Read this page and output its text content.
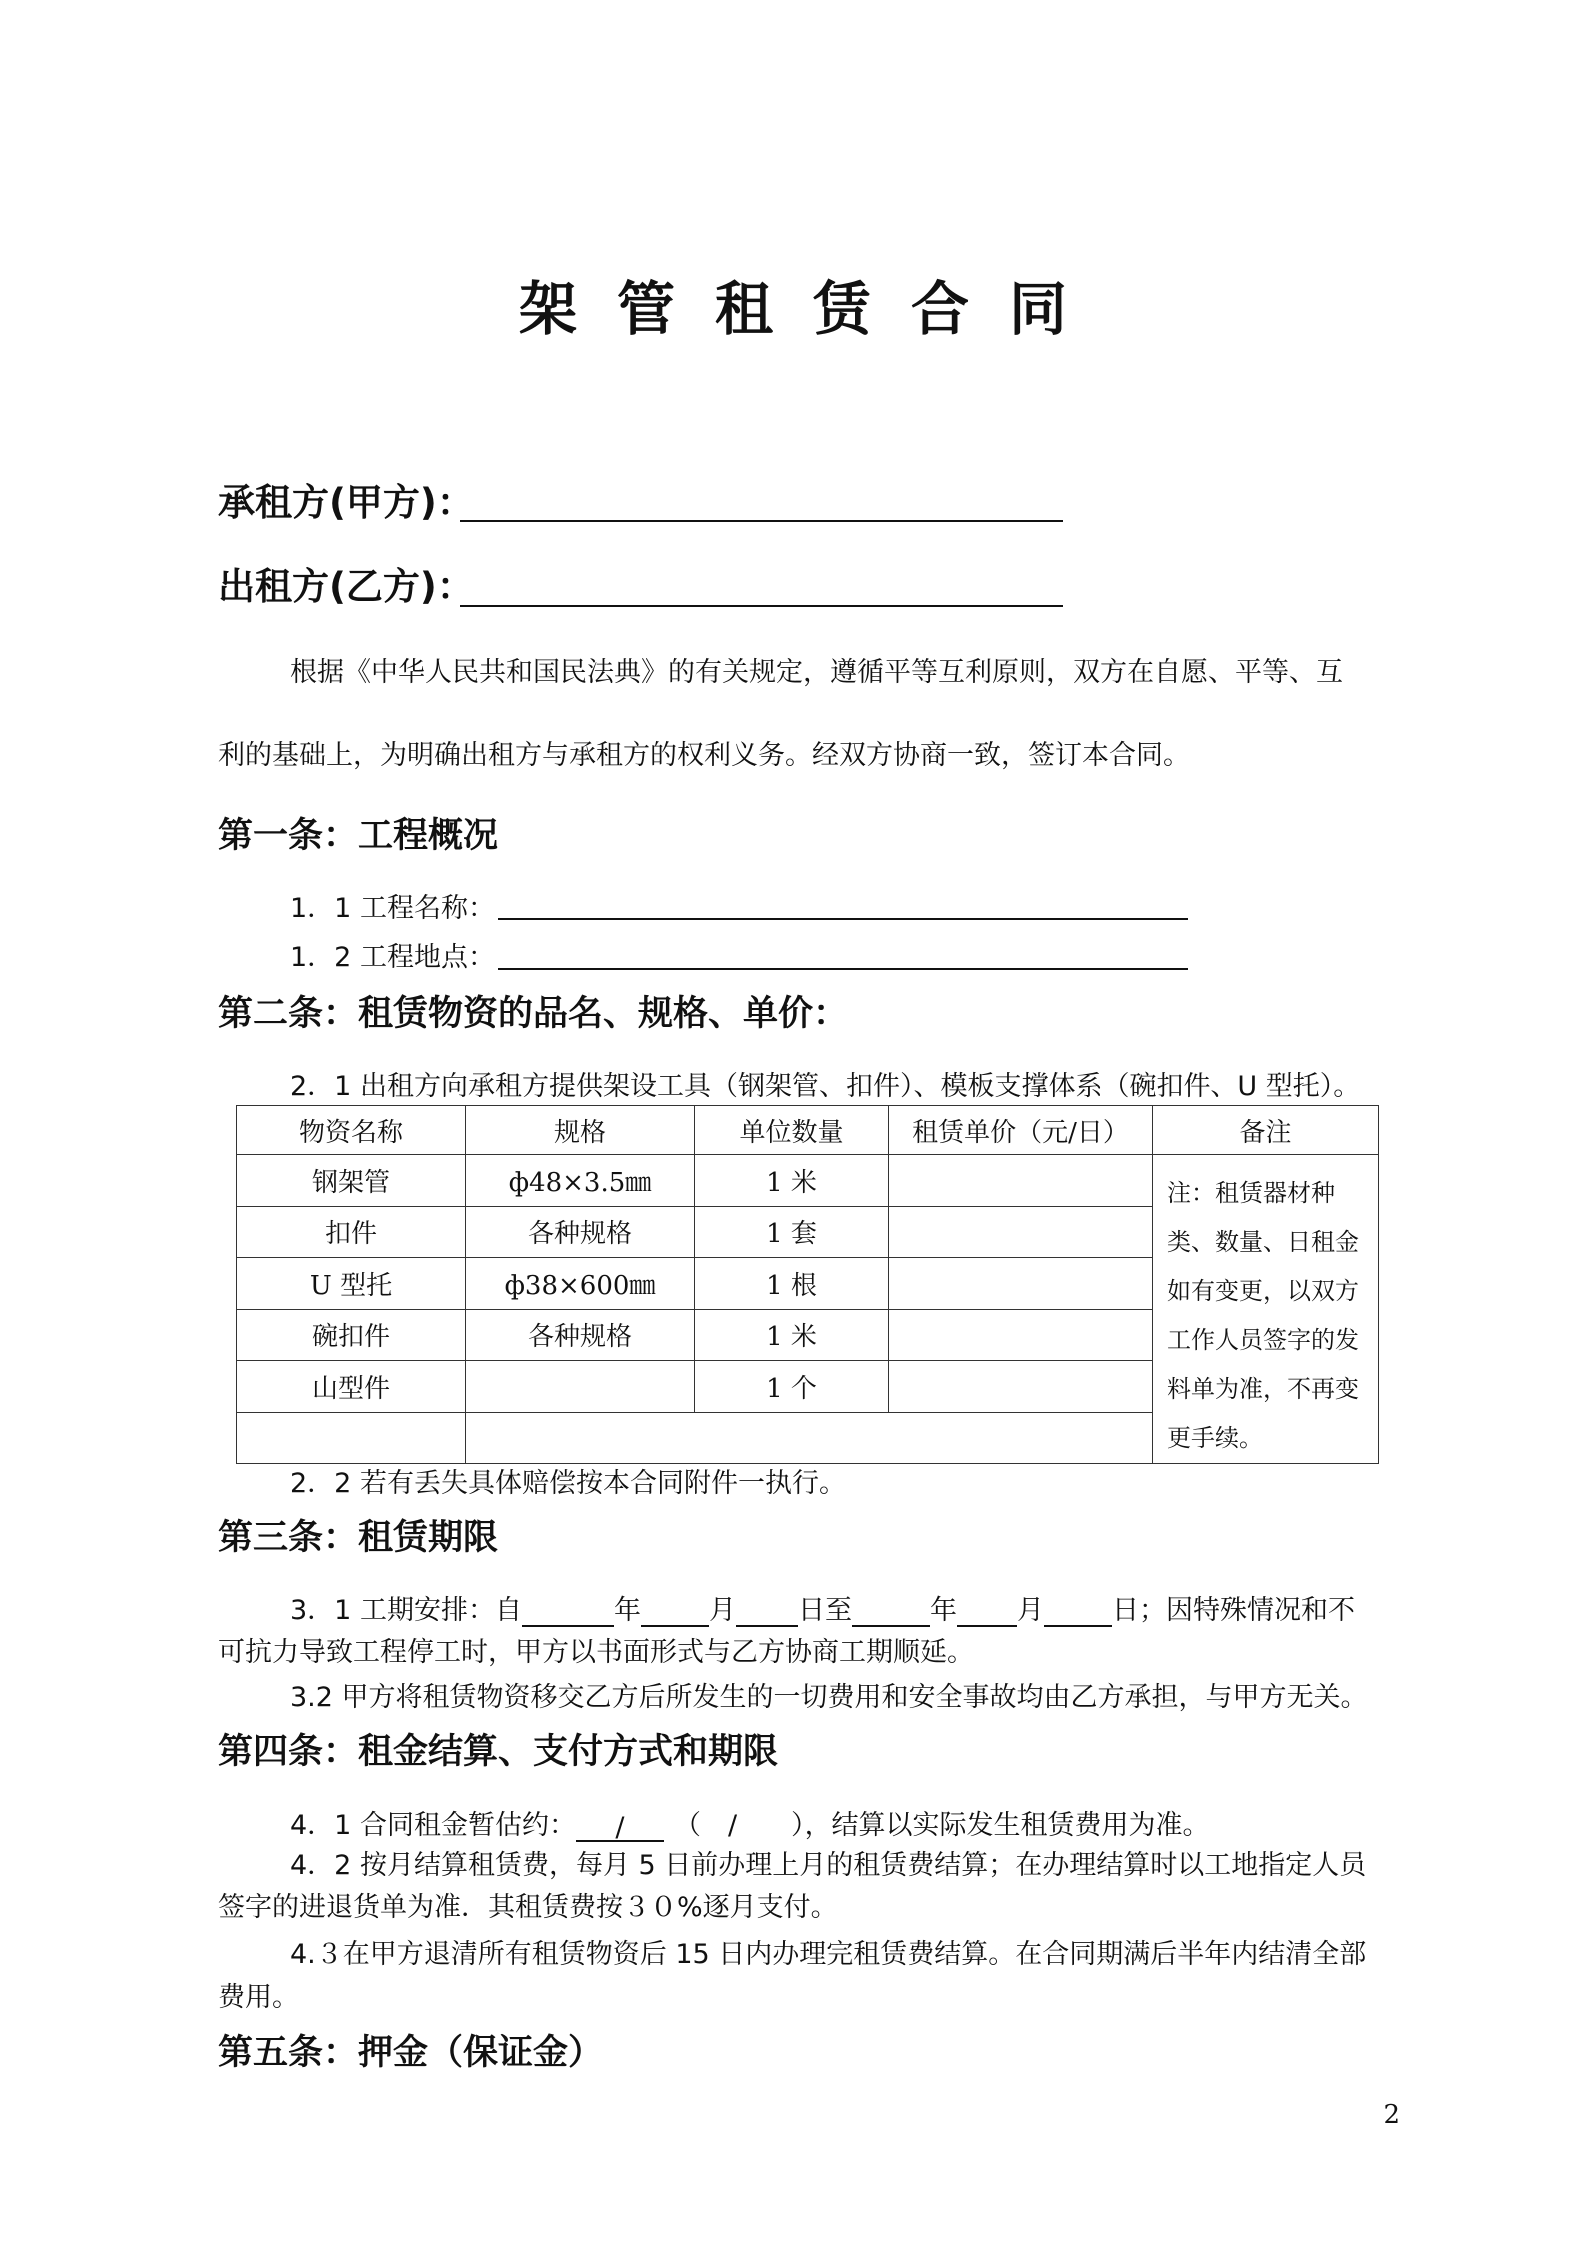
架管租赁合同
承租方(甲方)：
出租方(乙方)：
根据《中华人民共和国民法典》的有关规定，遵循平等互利原则，双方在自愿、平等、互
利的基础上，为明确出租方与承租方的权利义务。经双方协商一致，签订本合同。
第一条：工程概况
1．1 工程名称：
1．2 工程地点：
第二条：租赁物资的品名、规格、单价：
2．1 出租方向承租方提供架设工具（钢架管、扣件）、模板支撑体系（碗扣件、U 型托）。
物资名称	规格	单位数量	租赁单价（元/日）	备注
钢架管	ф48×3.5㎜	1 米		注：租赁器材种类、数量、日租金如有变更，以双方工作人员签字的发料单为准，不再变更手续。
扣件	各种规格	1 套		
U 型托	ф38×600㎜	1 根		
碗扣件	各种规格	1 米		
山型件		1 个		

2．2 若有丢失具体赔偿按本合同附件一执行。
第三条：租赁期限
3．1 工期安排：自	年	月 日至	年 月	日；因特殊情况和不
可抗力导致工程停工时，甲方以书面形式与乙方协商工期顺延。
3.2 甲方将租赁物资移交乙方后所发生的一切费用和安全事故均由乙方承担，与甲方无关。
第四条：租金结算、支付方式和期限
4．1 合同租金暂估约： / （　/　　），结算以实际发生租赁费用为准。
4．2 按月结算租赁费，每月 5 日前办理上月的租赁费结算；在办理结算时以工地指定人员
签字的进退货单为准．其租赁费按３０%逐月支付。
4.３在甲方退清所有租赁物资后 15 日内办理完租赁费结算。在合同期满后半年内结清全部
费用。
第五条：押金（保证金）
2
